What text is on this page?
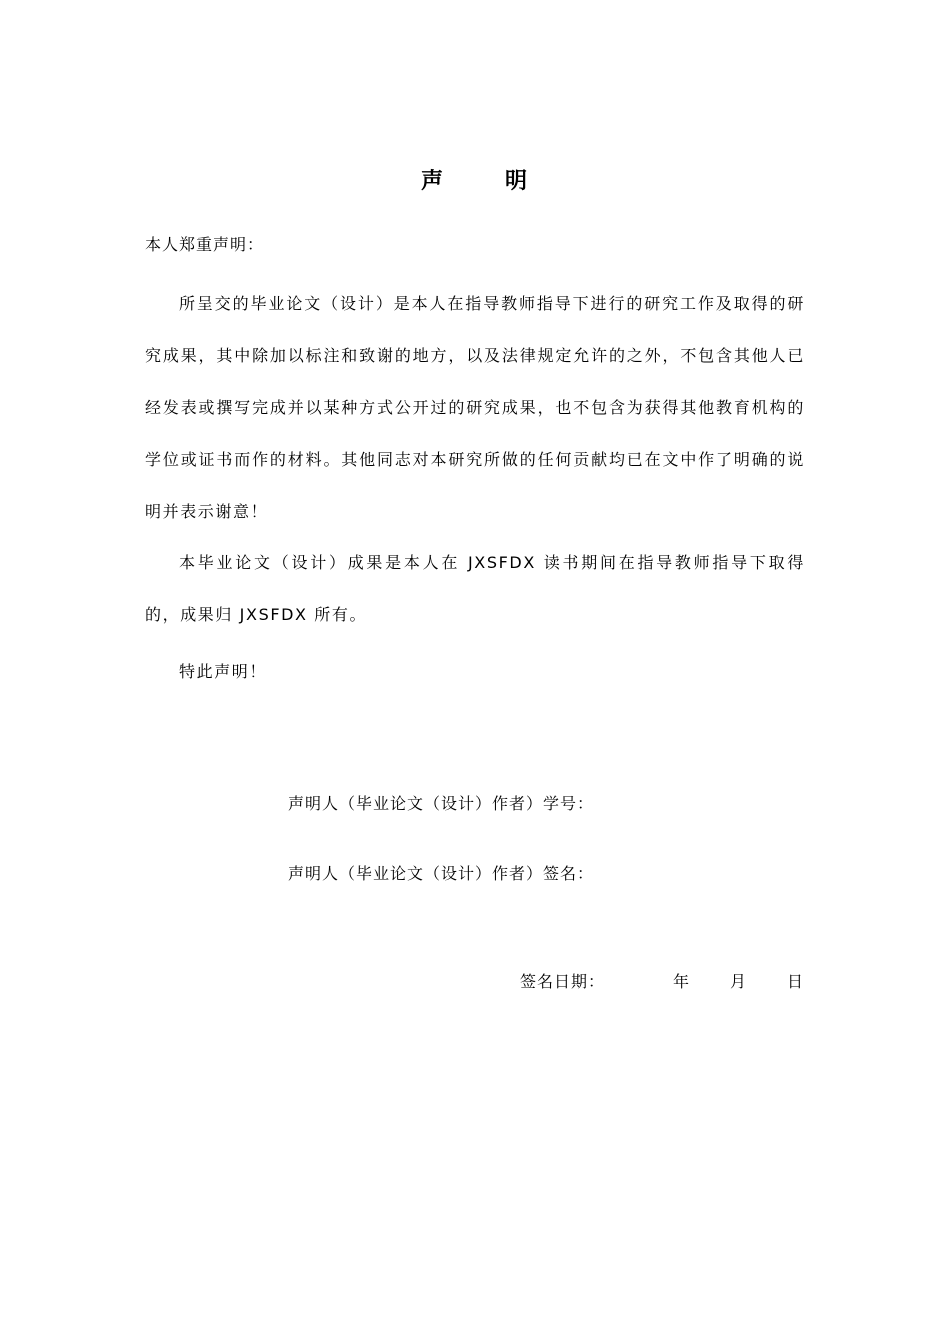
声	明
本人郑重声明：

所呈交的毕业论文（设计）是本人在指导教师指导下进行的研究工作及取得的研究成果，其中除加以标注和致谢的地方，以及法律规定允许的之外，不包含其他人已经发表或撰写完成并以某种方式公开过的研究成果，也不包含为获得其他教育机构的学位或证书而作的材料。其他同志对本研究所做的任何贡献均已在文中作了明确的说明并表示谢意！

本毕业论文（设计）成果是本人在 JXSFDX 读书期间在指导教师指导下取得的，成果归 JXSFDX 所有。

特此声明！

声明人（毕业论文（设计）作者）学号：
声明人（毕业论文（设计）作者）签名：
签名日期：	年	月	日
